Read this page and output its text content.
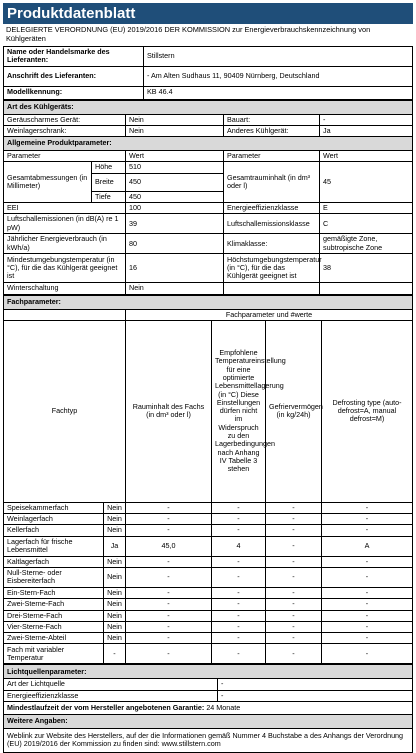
Produktdatenblatt
DELEGIERTE VERORDNUNG (EU) 2019/2016 DER KOMMISSION zur Energieverbrauchskennzeichnung von Kühlgeräten
Name oder Handelsmarke des Lieferanten:	Stillstern
Anschrift des Lieferanten:	- Am Alten Sudhaus 11, 90409 Nürnberg, Deutschland
Modellkennung:	KB 46.4
Art des Kühlgeräts:				
Geräuscharmes Gerät:		Nein	Bauart:	-
Weinlagerschrank:		Nein	Anderes Kühlgerät:	Ja
Allgemeine Produktparameter:				
Parameter		Wert	Parameter	Wert
Gesamtabmessungen (in Millimeter)	Höhe	510	Gesamtrauminhalt (in dm³ oder l)	45
	Breite	450		
	Tiefe	450		
EEI		100	Energieeffizienzklasse	E
Luftschallemissionen (in dB(A) re 1 pW)		39	Luftschallemissionsklasse	C
Jährlicher Energieverbrauch (in kWh/a)		80	Klimaklasse:	gemäßigte Zone, subtropische Zone
Mindestumgebungstemperatur (in °C), für die das Kühlgerät geeignet ist		16	Höchstumgebungstemperatur (in °C), für die das Kühlgerät geeignet ist	38
Winterschaltung		Nein		
Fachparameter:					
		Fachparameter und #werte			
Fachtyp		Rauminhalt des Fachs (in dm³ oder l)	Empfohlene Temperatureinstellung für eine optimierte Lebensmittellagerung (in °C) Diese Einstellungen dürfen nicht im Widerspruch zu den Lagerbedingungen nach Anhang IV Tabelle 3 stehen	Gefriervermögen (in kg/24h)	Defrosting type (auto-defrost=A, manual defrost=M)
Speisekammerfach	Nein	-	-	-	-
Weinlagerfach	Nein	-	-	-	-
Kellerfach	Nein	-	-	-	-
Lagerfach für frische Lebensmittel	Ja	45,0	4	-	A
Kaltlagerfach	Nein	-	-	-	-
Null-Sterne- oder Eisbereiterfach	Nein	-	-	-	-
Ein-Stern-Fach	Nein	-	-	-	-
Zwei-Sterne-Fach	Nein	-	-	-	-
Drei-Sterne-Fach	Nein	-	-	-	-
Vier-Sterne-Fach	Nein	-	-	-	-
Zwei-Sterne-Abteil	Nein	-	-	-	-
Fach mit variabler Temperatur	-	-	-	-	-
Lichtquellenparameter:	
Art der Lichtquelle	-
Energieeffizienzklasse	-
Mindestlaufzeit der vom Hersteller angebotenen Garantie: 24 Monate	
Weitere Angaben:	
Weblink zur Website des Herstellers, auf der die Informationen gemäß Nummer 4 Buchstabe a des Anhangs der Verordnung (EU) 2019/2016 der Kommission zu finden sind: www.stillstern.com	
